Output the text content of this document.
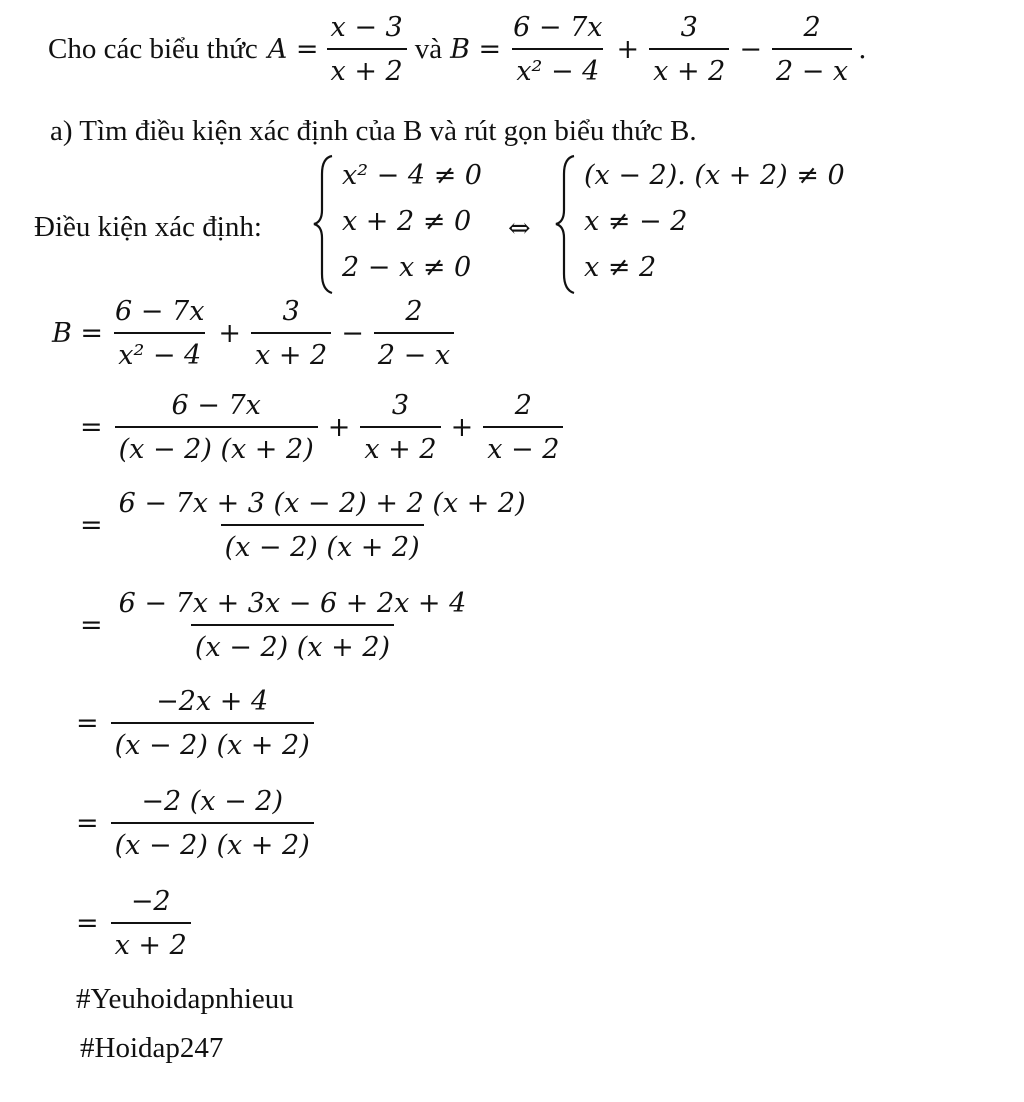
Cho các biểu thức $A = \frac{x - 3}{x + 2}$ và $B = \frac{6 - 7x}{\text{x² − 4}} + \frac{3}{x + 2} - \frac{2}{2 - x}$ .
a) Tìm điều kiện xác định của B và rút gọn biểu thức B.
Điều kiện xác định:
x² − 4 ≠ 0
x + 2 ≠ 0
2 − x ≠ 0
⇔
(x − 2). (x + 2) ≠ 0
x ≠ − 2
x ≠ 2
$B = \frac{6 - 7x}{\text{x² − 4}} + \frac{3}{x + 2} - \frac{2}{2 - x}$
= $\frac{6 - 7x}{(x - 2) (x + 2)} + \frac{3}{x + 2} + \frac{2}{x - 2}$
= $\frac{6 - 7x + 3 (x - 2) + 2 (x + 2)}{(x - 2) (x + 2)}$
= $\frac{6 - 7x + 3x - 6 + 2x + 4}{(x - 2) (x + 2)}$
= $\frac{-2x + 4}{(x - 2) (x + 2)}$
= $\frac{-2 (x - 2)}{(x - 2) (x + 2)}$
= $\frac{-2}{x + 2}$
#Yeuhoidapnhieuu
#Hoidap247
